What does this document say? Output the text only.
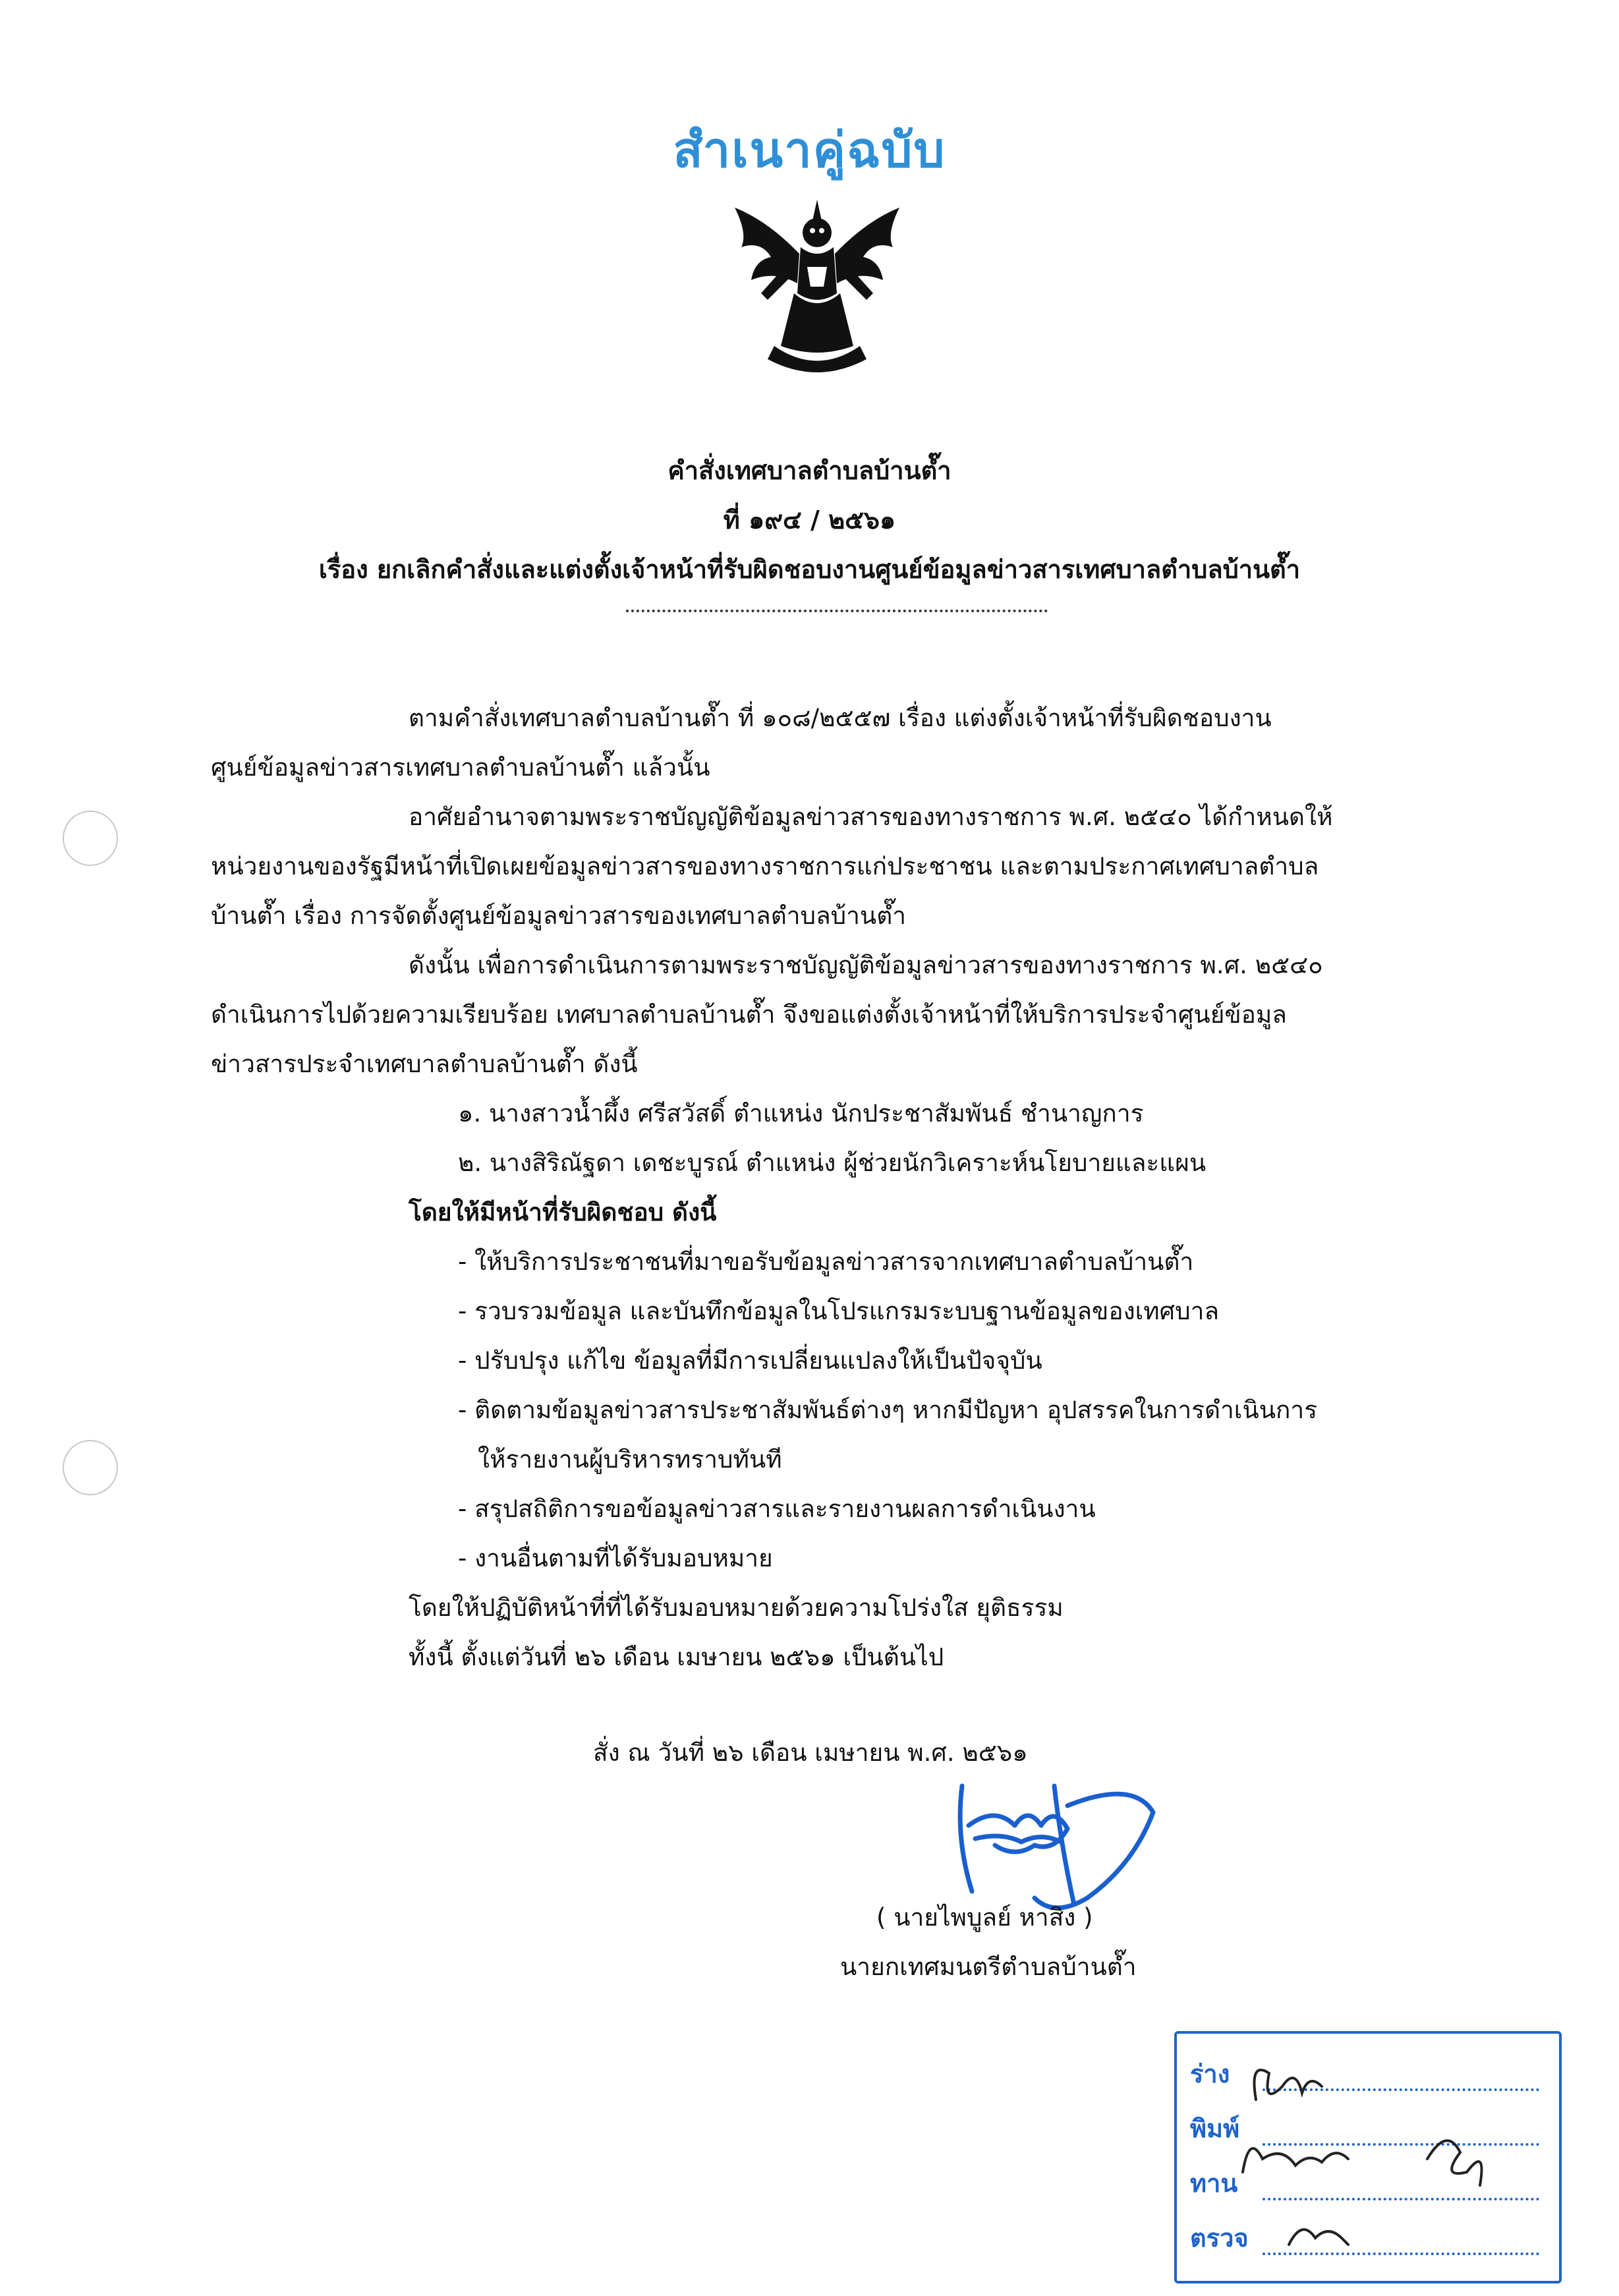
สำเนาคู่ฉบับ
คำสั่งเทศบาลตำบลบ้านต๊ำ
ที่ ๑๙๔ / ๒๕๖๑
เรื่อง ยกเลิกคำสั่งและแต่งตั้งเจ้าหน้าที่รับผิดชอบงานศูนย์ข้อมูลข่าวสารเทศบาลตำบลบ้านต๊ำ
ตามคำสั่งเทศบาลตำบลบ้านต๊ำ ที่ ๑๐๘/๒๕๕๗ เรื่อง แต่งตั้งเจ้าหน้าที่รับผิดชอบงาน
ศูนย์ข้อมูลข่าวสารเทศบาลตำบลบ้านต๊ำ แล้วนั้น
อาศัยอำนาจตามพระราชบัญญัติข้อมูลข่าวสารของทางราชการ พ.ศ. ๒๕๔๐ ได้กำหนดให้
หน่วยงานของรัฐมีหน้าที่เปิดเผยข้อมูลข่าวสารของทางราชการแก่ประชาชน และตามประกาศเทศบาลตำบล
บ้านต๊ำ เรื่อง การจัดตั้งศูนย์ข้อมูลข่าวสารของเทศบาลตำบลบ้านต๊ำ
ดังนั้น เพื่อการดำเนินการตามพระราชบัญญัติข้อมูลข่าวสารของทางราชการ พ.ศ. ๒๕๔๐
ดำเนินการไปด้วยความเรียบร้อย เทศบาลตำบลบ้านต๊ำ จึงขอแต่งตั้งเจ้าหน้าที่ให้บริการประจำศูนย์ข้อมูล
ข่าวสารประจำเทศบาลตำบลบ้านต๊ำ ดังนี้
๑. นางสาวน้ำผึ้ง ศรีสวัสดิ์ ตำแหน่ง นักประชาสัมพันธ์ ชำนาญการ
๒. นางสิริณัฐดา เดชะบูรณ์ ตำแหน่ง ผู้ช่วยนักวิเคราะห์นโยบายและแผน
โดยให้มีหน้าที่รับผิดชอบ ดังนี้
- ให้บริการประชาชนที่มาขอรับข้อมูลข่าวสารจากเทศบาลตำบลบ้านต๊ำ
- รวบรวมข้อมูล และบันทึกข้อมูลในโปรแกรมระบบฐานข้อมูลของเทศบาล
- ปรับปรุง แก้ไข ข้อมูลที่มีการเปลี่ยนแปลงให้เป็นปัจจุบัน
- ติดตามข้อมูลข่าวสารประชาสัมพันธ์ต่างๆ หากมีปัญหา อุปสรรคในการดำเนินการ
ให้รายงานผู้บริหารทราบทันที
- สรุปสถิติการขอข้อมูลข่าวสารและรายงานผลการดำเนินงาน
- งานอื่นตามที่ได้รับมอบหมาย
โดยให้ปฏิบัติหน้าที่ที่ได้รับมอบหมายด้วยความโปร่งใส ยุติธรรม
ทั้งนี้ ตั้งแต่วันที่ ๒๖ เดือน เมษายน ๒๕๖๑ เป็นต้นไป
สั่ง ณ วันที่ ๒๖ เดือน เมษายน พ.ศ. ๒๕๖๑
( นายไพบูลย์ หาสิง )
นายกเทศมนตรีตำบลบ้านต๊ำ
ร่าง
พิมพ์
ทาน
ตรวจ
